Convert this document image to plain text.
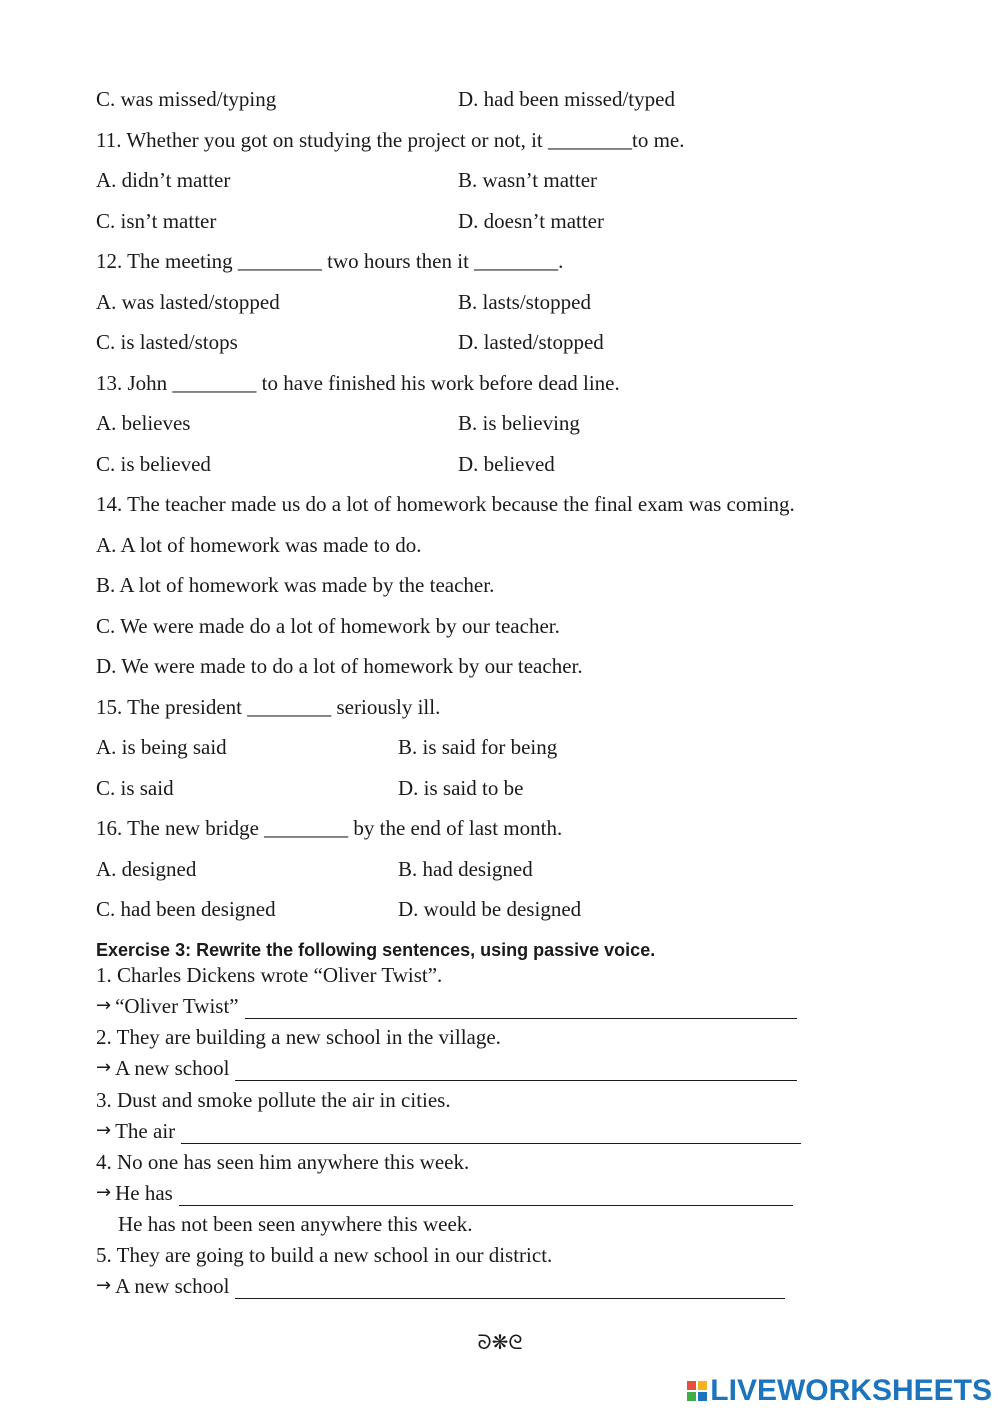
C. was missed/typing	D. had been missed/typed
11. Whether you got on studying the project or not, it ________to me.
A. didn’t matter	B. wasn’t matter
C. isn’t matter	D. doesn’t matter
12. The meeting ________ two hours then it ________.
A. was lasted/stopped	B. lasts/stopped
C. is lasted/stops	D. lasted/stopped
13. John ________ to have finished his work before dead line.
A. believes	B. is believing
C. is believed	D. believed
14. The teacher made us do a lot of homework because the final exam was coming.
A. A lot of homework was made to do.
B. A lot of homework was made by the teacher.
C. We were made do a lot of homework by our teacher.
D. We were made to do a lot of homework by our teacher.
15. The president ________ seriously ill.
A. is being said	B. is said for being
C. is said	D. is said to be
16. The new bridge ________ by the end of last month.
A. designed	B. had designed
C. had been designed	D. would be designed
Exercise 3: Rewrite the following sentences, using passive voice.
1. Charles Dickens wrote “Oliver Twist”.
→ “Oliver Twist”
2. They are building a new school in the village.
→ A new school
3. Dust and smoke pollute the air in cities.
→ The air
4. No one has seen him anywhere this week.
→ He has
He has not been seen anywhere this week.
5. They are going to build a new school in our district.
→ A new school
ᘐ❋ᘓ
LIVEWORKSHEETS
